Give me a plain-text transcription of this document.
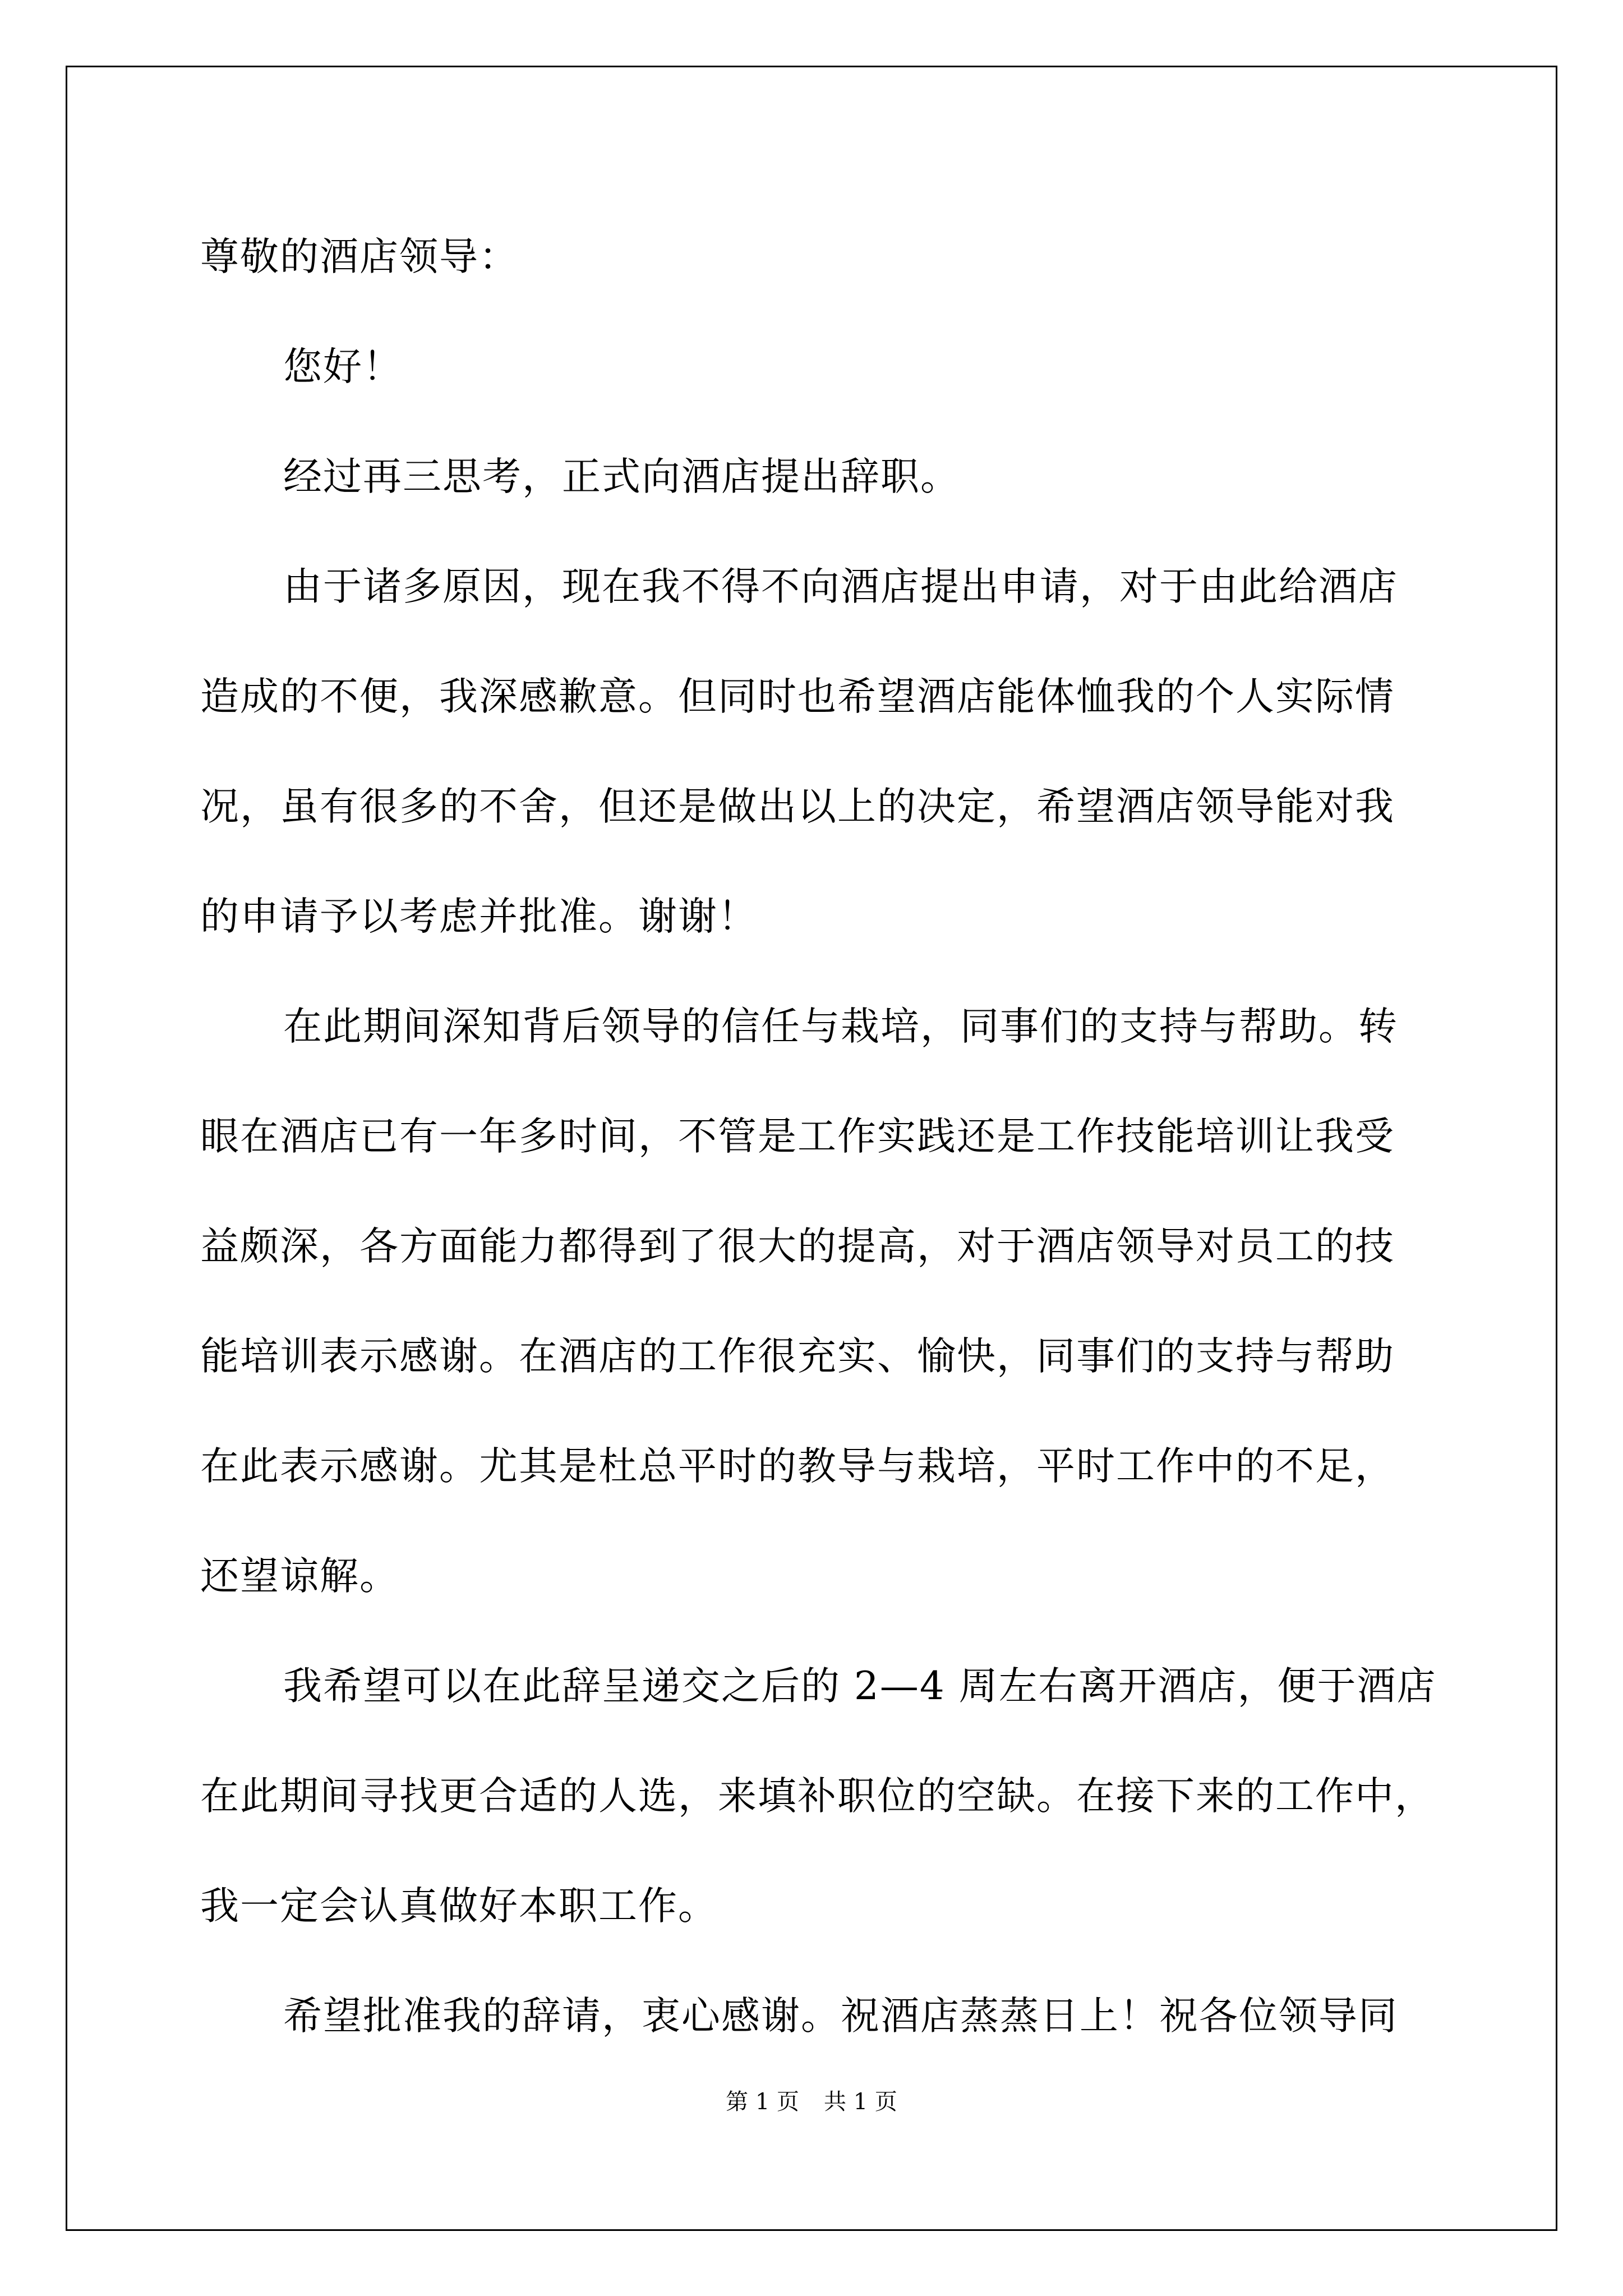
尊敬的酒店领导：
您好！
经过再三思考，正式向酒店提出辞职。
由于诸多原因，现在我不得不向酒店提出申请，对于由此给酒店
造成的不便，我深感歉意。但同时也希望酒店能体恤我的个人实际情
况，虽有很多的不舍，但还是做出以上的决定，希望酒店领导能对我
的申请予以考虑并批准。谢谢！
在此期间深知背后领导的信任与栽培，同事们的支持与帮助。转
眼在酒店已有一年多时间，不管是工作实践还是工作技能培训让我受
益颇深，各方面能力都得到了很大的提高，对于酒店领导对员工的技
能培训表示感谢。在酒店的工作很充实、愉快，同事们的支持与帮助
在此表示感谢。尤其是杜总平时的教导与栽培，平时工作中的不足，
还望谅解。
我希望可以在此辞呈递交之后的 2—4 周左右离开酒店，便于酒店
在此期间寻找更合适的人选，来填补职位的空缺。在接下来的工作中，
我一定会认真做好本职工作。
希望批准我的辞请，衷心感谢。祝酒店蒸蒸日上！祝各位领导同
第 1 页 共 1 页
